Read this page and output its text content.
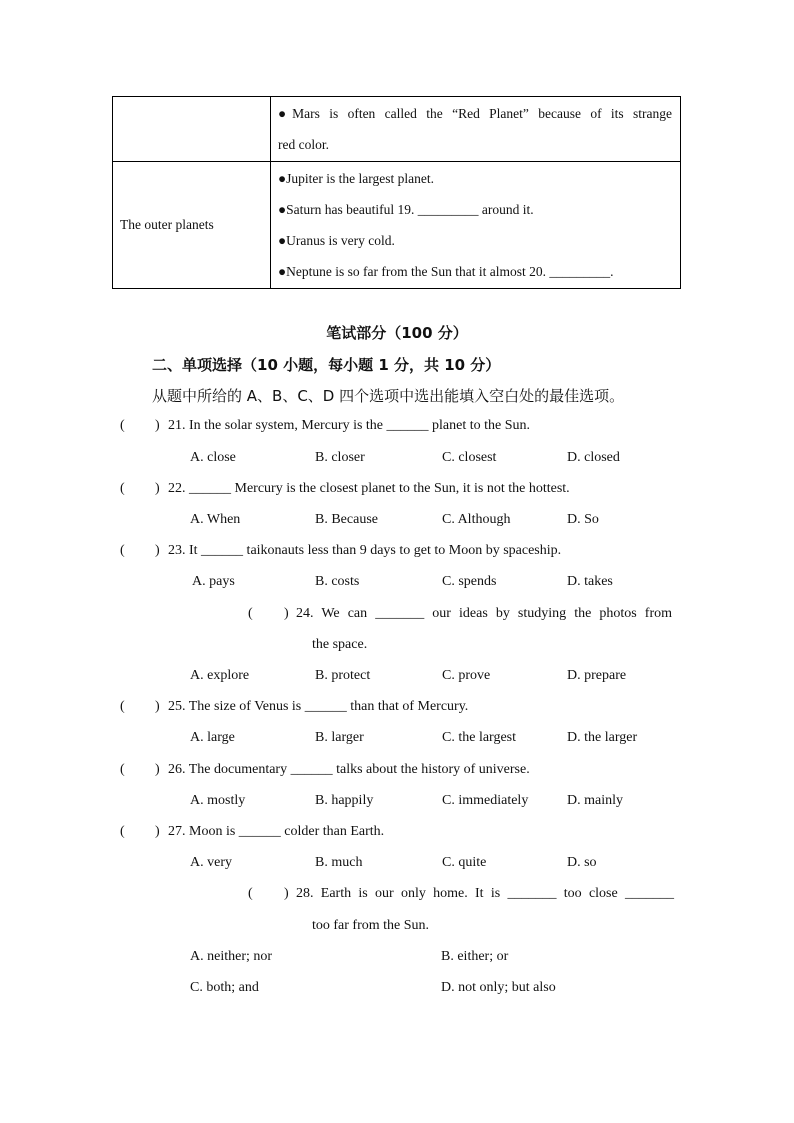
	●Mars is often called the “Red Planet” because of its strange
red color.

The outer planets	●Jupiter is the largest planet.
●Saturn has beautiful 19. _________ around it.
●Uranus is very cold.
●Neptune is so far from the Sun that it almost 20. _________.
笔试部分（100 分）
二、单项选择（10 小题，每小题 1 分，共 10 分）
从题中所给的 A、B、C、D 四个选项中选出能填入空白处的最佳选项。
( ) 21. In the solar system, Mercury is the ______ planet to the Sun.
A. close	B. closer	C. closest	D. closed
( ) 22. ______ Mercury is the closest planet to the Sun, it is not the hottest.
A. When	B. Because	C. Although	D. So
( ) 23. It ______ taikonauts less than 9 days to get to Moon by spaceship.
A. pays	B. costs	C. spends	D. takes
( ) 24. We can _______ our ideas by studying the photos from
the space.
A. explore	B. protect	C. prove	D. prepare
( ) 25. The size of Venus is ______ than that of Mercury.
A. large	B. larger	C. the largest	D. the larger
( ) 26. The documentary ______ talks about the history of universe.
A. mostly	B. happily	C. immediately	D. mainly
( ) 27. Moon is ______ colder than Earth.
A. very	B. much	C. quite	D. so
( ) 28. Earth is our only home. It is _______ too close _______
too far from the Sun.
A. neither; nor	B. either; or
C. both; and	D. not only; but also
